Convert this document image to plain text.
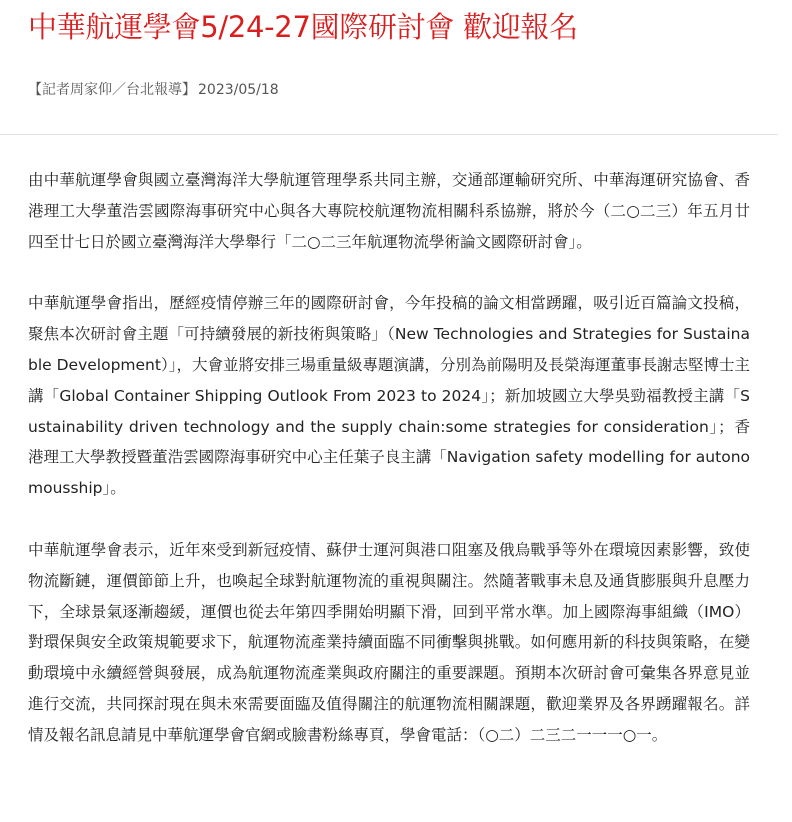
中華航運學會5/24-27國際研討會 歡迎報名
【記者周家仰／台北報導】 2023/05/18

由中華航運學會與國立臺灣海洋大學航運管理學系共同主辦，交通部運輸研究所、中華海運研究協會、香港理工大學董浩雲國際海事研究中心與各大專院校航運物流相關科系協辦，將於今（二○二三）年五月廿四至廿七日於國立臺灣海洋大學舉行「二○二三年航運物流學術論文國際研討會」。

中華航運學會指出，歷經疫情停辦三年的國際研討會，今年投稿的論文相當踴躍，吸引近百篇論文投稿，聚焦本次研討會主題「可持續發展的新技術與策略」（New Technologies and Strategies for Sustainable Development）」，大會並將安排三場重量級專題演講，分別為前陽明及長榮海運董事長謝志堅博士主講「Global Container Shipping Outlook From 2023 to 2024」；新加坡國立大學吳勁福教授主講「Sustainability driven technology and the supply chain:some strategies for consideration」；香港理工大學教授暨董浩雲國際海事研究中心主任葉子良主講「Navigation safety modelling for autonomousship」。

中華航運學會表示，近年來受到新冠疫情、蘇伊士運河與港口阻塞及俄烏戰爭等外在環境因素影響，致使物流斷鏈，運價節節上升，也喚起全球對航運物流的重視與關注。然隨著戰事未息及通貨膨脹與升息壓力下，全球景氣逐漸趨緩，運價也從去年第四季開始明顯下滑，回到平常水準。加上國際海事組織（IMO）對環保與安全政策規範要求下，航運物流產業持續面臨不同衝擊與挑戰。如何應用新的科技與策略，在變動環境中永續經營與發展，成為航運物流產業與政府關注的重要課題。預期本次研討會可彙集各界意見並進行交流，共同探討現在與未來需要面臨及值得關注的航運物流相關課題，歡迎業界及各界踴躍報名。詳情及報名訊息請見中華航運學會官網或臉書粉絲專頁，學會電話：（○二）二三二一一一○一。
